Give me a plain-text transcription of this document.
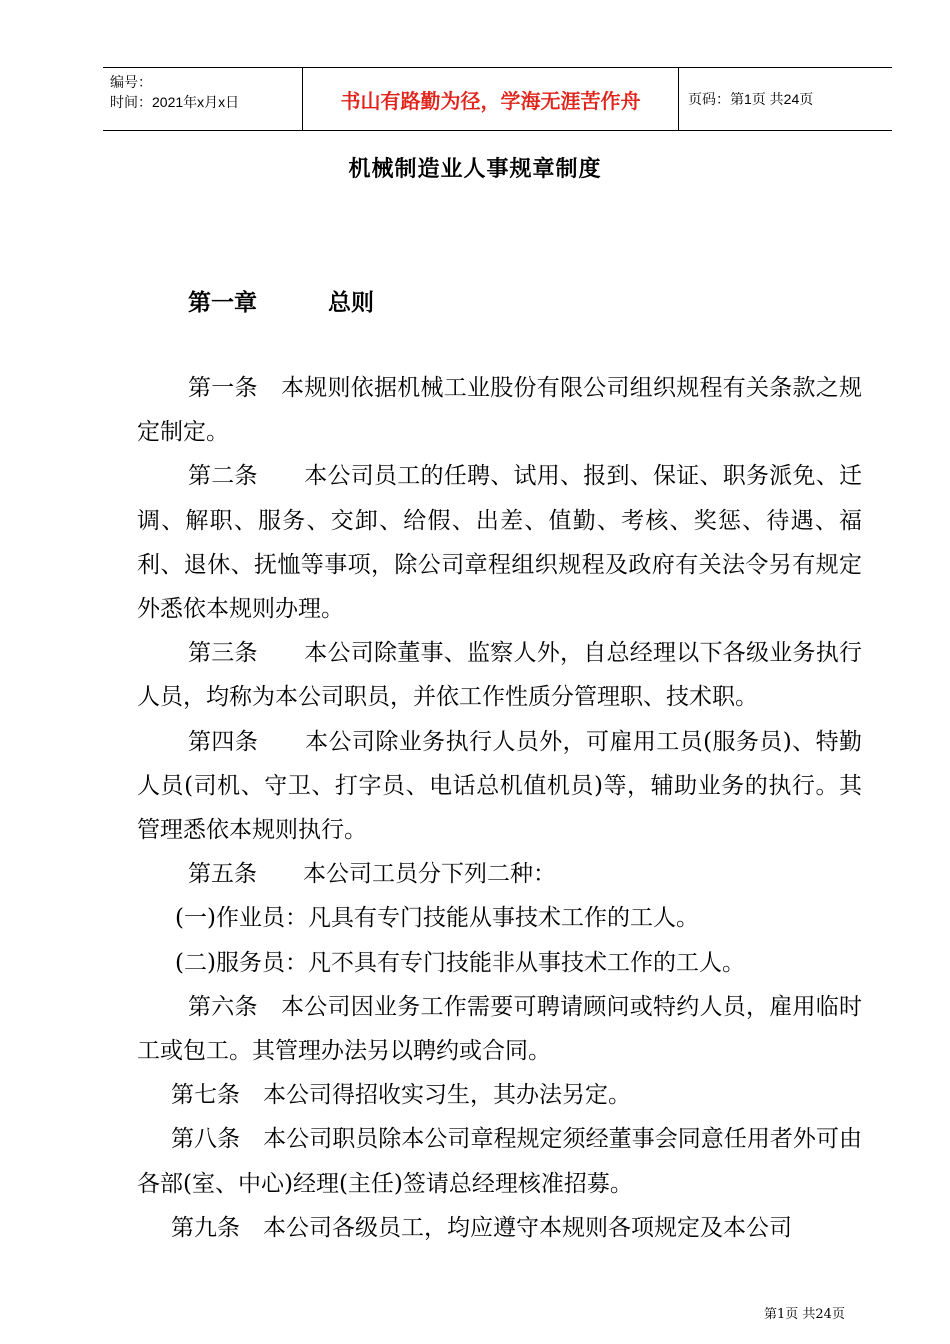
编号：
时间：2021年x月x日	书山有路勤为径，学海无涯苦作舟	页码：第1页 共24页
机械制造业人事规章制度
第一章	总则

第一条　本规则依据机械工业股份有限公司组织规程有关条款之规定制定。

第二条　　本公司员工的任聘、试用、报到、保证、职务派免、迁调、解职、服务、交卸、给假、出差、值勤、考核、奖惩、待遇、福利、退休、抚恤等事项，除公司章程组织规程及政府有关法令另有规定外悉依本规则办理。

第三条　　本公司除董事、监察人外，自总经理以下各级业务执行人员，均称为本公司职员，并依工作性质分管理职、技术职。

第四条　　本公司除业务执行人员外，可雇用工员(服务员)、特勤人员(司机、守卫、打字员、电话总机值机员)等，辅助业务的执行。其管理悉依本规则执行。

第五条　　本公司工员分下列二种：

(一)作业员：凡具有专门技能从事技术工作的工人。

(二)服务员：凡不具有专门技能非从事技术工作的工人。

第六条　本公司因业务工作需要可聘请顾问或特约人员，雇用临时工或包工。其管理办法另以聘约或合同。

第七条　本公司得招收实习生，其办法另定。

第八条　本公司职员除本公司章程规定须经董事会同意任用者外可由各部(室、中心)经理(主任)签请总经理核准招募。

第九条　本公司各级员工，均应遵守本规则各项规定及本公司

第1页 共24页
